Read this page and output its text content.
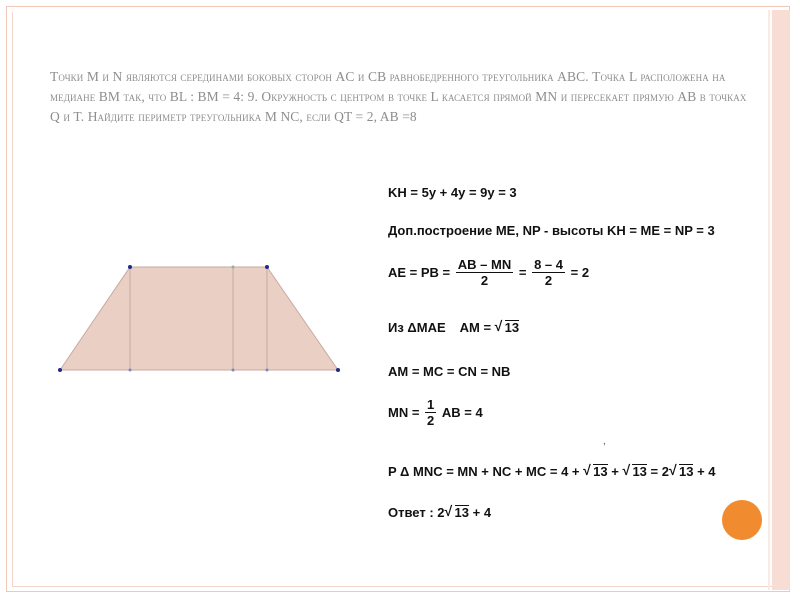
Точки M и N являются серединами боковых сторон AC и CB равнобедренного треугольника ABC. Точка L расположена на медиане BM так, что BL : BM = 4: 9. Окружность с центром в точке L касается прямой MN и пересекает прямую AB в точках Q и T. Найдите периметр треугольника M NC, если QT = 2, AB =8

KH = 5y + 4y = 9y = 3
Доп.построение ME, NP - высоты KH = ME = NP = 3
AE = PB = $\frac{AB - MN}{2} = \frac{8 - 4}{2} = 2$
Из ΔMAE AM = √ 13
AM = MC = CN = NB
MN = $\frac{1}{2}$ AB = 4
P Δ MNC = MN + NC + MC = 4 + √ 13 + √ 13 = 2 √ 13 + 4
Ответ : 2 √ 13 + 4
,
